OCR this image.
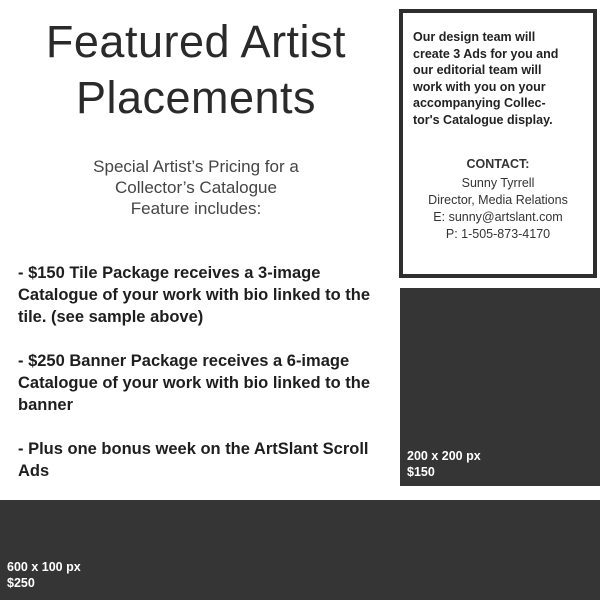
Featured Artist
Placements
Special Artist’s Pricing for a
Collector’s Catalogue
Feature includes:

- $150 Tile Package receives a 3-image Catalogue of your work with bio linked to the tile. (see sample above)

- $250 Banner Package receives a 6-image Catalogue of your work with bio linked to the banner

- Plus one bonus week on the ArtSlant Scroll Ads

Our design team will
create 3 Ads for you and
our editorial team will
work with you on your
accompanying Collec-
tor's Catalogue display.
CONTACT:
Sunny Tyrrell
Director, Media Relations
E: sunny@artslant.com
P: 1-505-873-4170
200 x 200 px
$150
600 x 100 px
$250
